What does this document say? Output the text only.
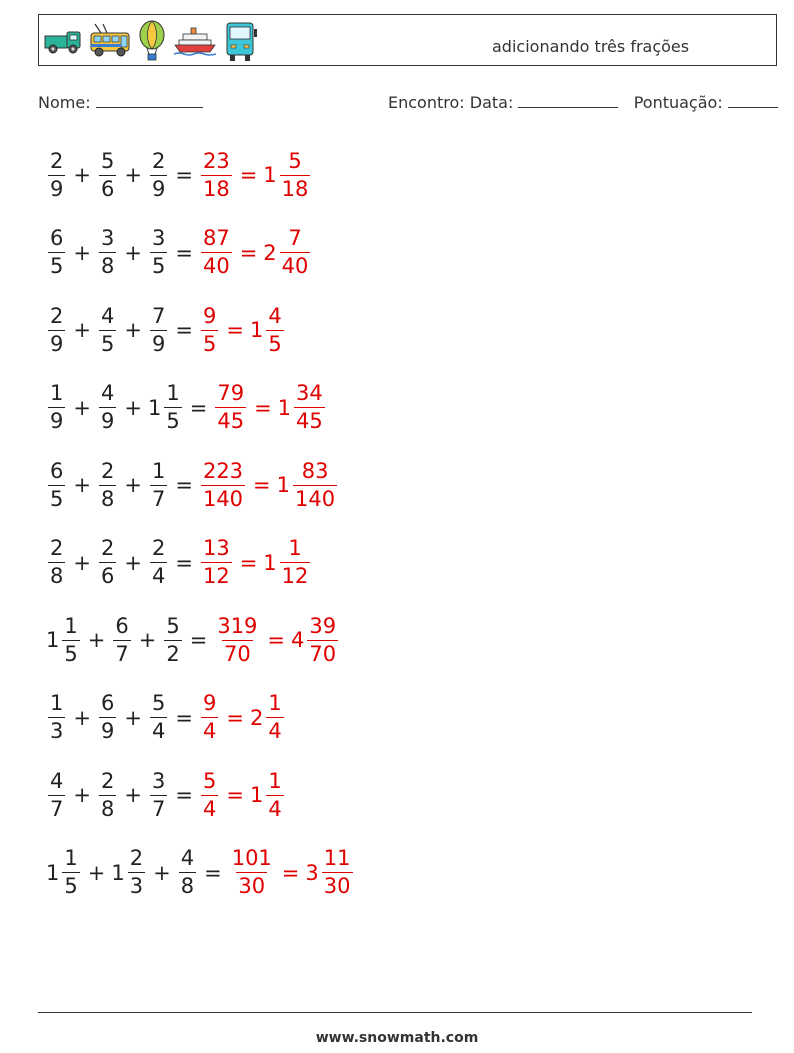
adicionando três frações
Nome:	Encontro: Data:	Pontuação:
$\frac{2}{9} + \frac{5}{6} + \frac{2}{9} = \frac{23}{18} = 1 \frac{5}{18}$
$\frac{6}{5} + \frac{3}{8} + \frac{3}{5} = \frac{87}{40} = 2 \frac{7}{40}$
$\frac{2}{9} + \frac{4}{5} + \frac{7}{9} = \frac{9}{5} = 1 \frac{4}{5}$
$\frac{1}{9} + \frac{4}{9} + 1 \frac{1}{5} = \frac{79}{45} = 1 \frac{34}{45}$
$\frac{6}{5} + \frac{2}{8} + \frac{1}{7} = \frac{223}{140} = 1 \frac{83}{140}$
$\frac{2}{8} + \frac{2}{6} + \frac{2}{4} = \frac{13}{12} = 1 \frac{1}{12}$
$1 \frac{1}{5} + \frac{6}{7} + \frac{5}{2} = \frac{319}{70} = 4 \frac{39}{70}$
$\frac{1}{3} + \frac{6}{9} + \frac{5}{4} = \frac{9}{4} = 2 \frac{1}{4}$
$\frac{4}{7} + \frac{2}{8} + \frac{3}{7} = \frac{5}{4} = 1 \frac{1}{4}$
$1 \frac{1}{5} + 1 \frac{2}{3} + \frac{4}{8} = \frac{101}{30} = 3 \frac{11}{30}$
www.snowmath.com
